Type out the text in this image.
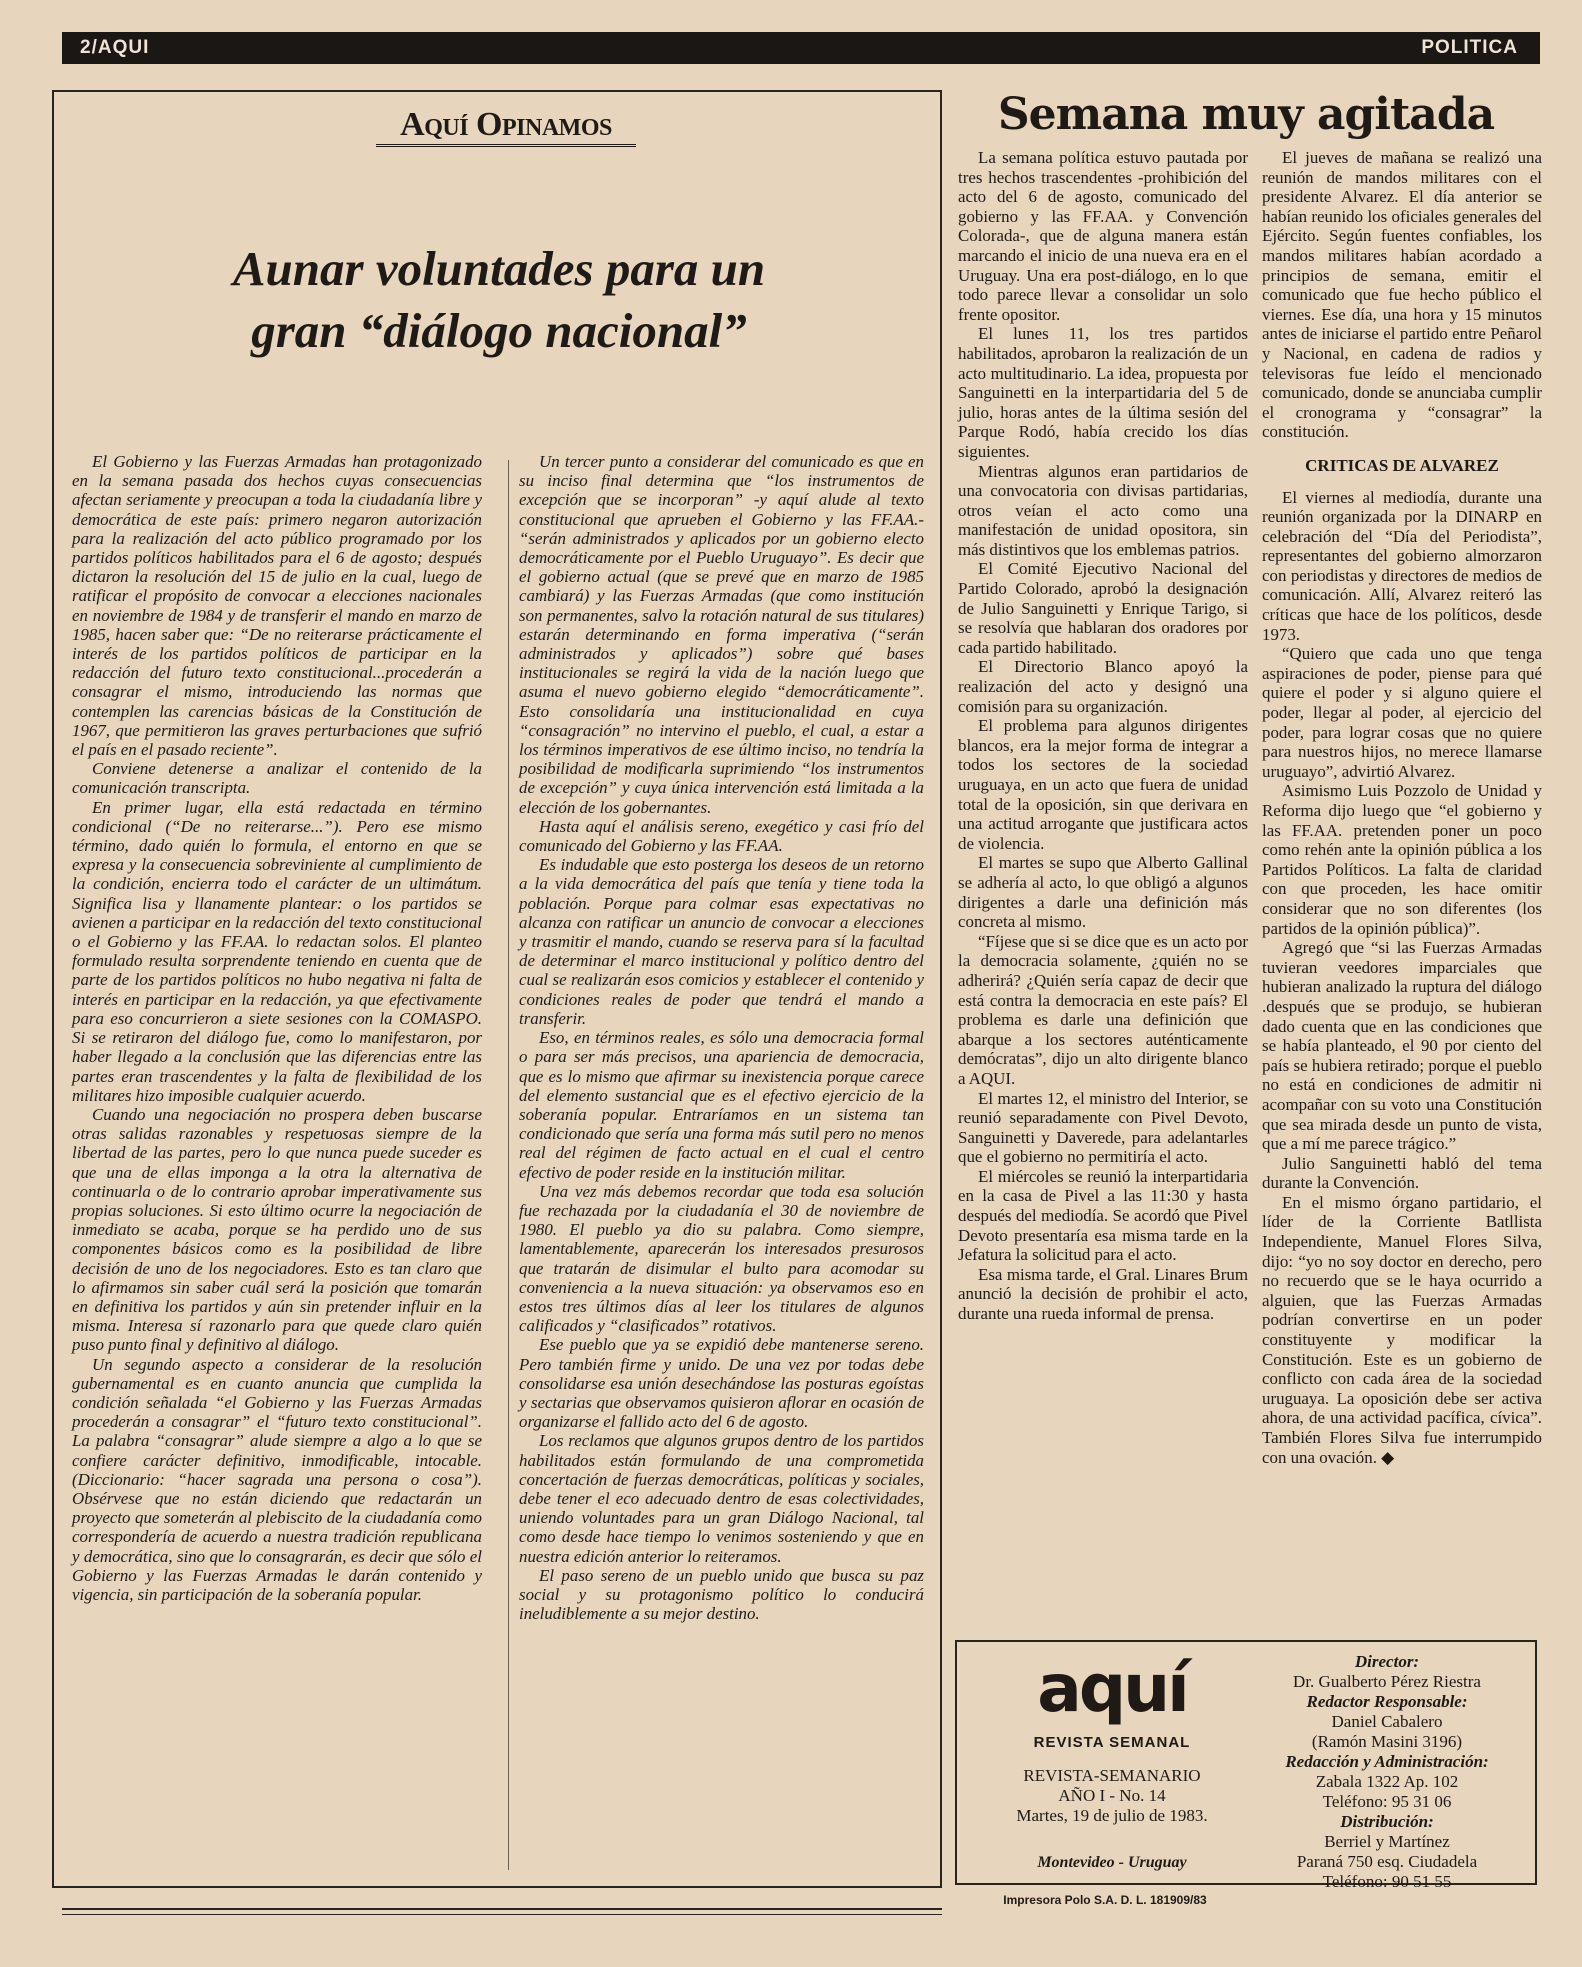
2/AQUI	POLITICA
Aquí Opinamos
Aunar voluntades para un
gran “diálogo nacional”

El Gobierno y las Fuerzas Armadas han protagonizado en la semana pasada dos hechos cuyas consecuencias afectan seriamente y preocupan a toda la ciudadanía libre y democrática de este país: primero negaron autorización para la realización del acto público programado por los partidos políticos habilitados para el 6 de agosto; después dictaron la resolución del 15 de julio en la cual, luego de ratificar el propósito de convocar a elecciones nacionales en noviembre de 1984 y de transferir el mando en marzo de 1985, hacen saber que: “De no reiterarse prácticamente el interés de los partidos políticos de participar en la redacción del futuro texto constitucional...procederán a consagrar el mismo, introduciendo las normas que contemplen las carencias básicas de la Constitución de 1967, que permitieron las graves perturbaciones que sufrió el país en el pasado reciente”.

Conviene detenerse a analizar el contenido de la comunicación transcripta.

En primer lugar, ella está redactada en término condicional (“De no reiterarse...”). Pero ese mismo término, dado quién lo formula, el entorno en que se expresa y la consecuencia sobreviniente al cumplimiento de la condición, encierra todo el carácter de un ultimátum. Significa lisa y llanamente plantear: o los partidos se avienen a participar en la redacción del texto constitucional o el Gobierno y las FF.AA. lo redactan solos. El planteo formulado resulta sorprendente teniendo en cuenta que de parte de los partidos políticos no hubo negativa ni falta de interés en participar en la redacción, ya que efectivamente para eso concurrieron a siete sesiones con la COMASPO. Si se retiraron del diálogo fue, como lo manifestaron, por haber llegado a la conclusión que las diferencias entre las partes eran trascendentes y la falta de flexibilidad de los militares hizo imposible cualquier acuerdo.

Cuando una negociación no prospera deben buscarse otras salidas razonables y respetuosas siempre de la libertad de las partes, pero lo que nunca puede suceder es que una de ellas imponga a la otra la alternativa de continuarla o de lo contrario aprobar imperativamente sus propias soluciones. Si esto último ocurre la negociación de inmediato se acaba, porque se ha perdido uno de sus componentes básicos como es la posibilidad de libre decisión de uno de los negociadores. Esto es tan claro que lo afirmamos sin saber cuál será la posición que tomarán en definitiva los partidos y aún sin pretender influir en la misma. Interesa sí razonarlo para que quede claro quién puso punto final y definitivo al diálogo.

Un segundo aspecto a considerar de la resolución gubernamental es en cuanto anuncia que cumplida la condición señalada “el Gobierno y las Fuerzas Armadas procederán a consagrar” el “futuro texto constitucional”. La palabra “consagrar” alude siempre a algo a lo que se confiere carácter definitivo, inmodificable, intocable. (Diccionario: “hacer sagrada una persona o cosa”). Obsérvese que no están diciendo que redactarán un proyecto que someterán al plebiscito de la ciudadanía como correspondería de acuerdo a nuestra tradición republicana y democrática, sino que lo consagrarán, es decir que sólo el Gobierno y las Fuerzas Armadas le darán contenido y vigencia, sin participación de la soberanía popular.

Un tercer punto a considerar del comunicado es que en su inciso final determina que “los instrumentos de excepción que se incorporan” -y aquí alude al texto constitucional que aprueben el Gobierno y las FF.AA.- “serán administrados y aplicados por un gobierno electo democráticamente por el Pueblo Uruguayo”. Es decir que el gobierno actual (que se prevé que en marzo de 1985 cambiará) y las Fuerzas Armadas (que como institución son permanentes, salvo la rotación natural de sus titulares) estarán determinando en forma imperativa (“serán administrados y aplicados”) sobre qué bases institucionales se regirá la vida de la nación luego que asuma el nuevo gobierno elegido “democráticamente”. Esto consolidaría una institucionalidad en cuya “consagración” no intervino el pueblo, el cual, a estar a los términos imperativos de ese último inciso, no tendría la posibilidad de modificarla suprimiendo “los instrumentos de excepción” y cuya única intervención está limitada a la elección de los gobernantes.

Hasta aquí el análisis sereno, exegético y casi frío del comunicado del Gobierno y las FF.AA.

Es indudable que esto posterga los deseos de un retorno a la vida democrática del país que tenía y tiene toda la población. Porque para colmar esas expectativas no alcanza con ratificar un anuncio de convocar a elecciones y trasmitir el mando, cuando se reserva para sí la facultad de determinar el marco institucional y político dentro del cual se realizarán esos comicios y establecer el contenido y condiciones reales de poder que tendrá el mando a transferir.

Eso, en términos reales, es sólo una democracia formal o para ser más precisos, una apariencia de democracia, que es lo mismo que afirmar su inexistencia porque carece del elemento sustancial que es el efectivo ejercicio de la soberanía popular. Entraríamos en un sistema tan condicionado que sería una forma más sutil pero no menos real del régimen de facto actual en el cual el centro efectivo de poder reside en la institución militar.

Una vez más debemos recordar que toda esa solución fue rechazada por la ciudadanía el 30 de noviembre de 1980. El pueblo ya dio su palabra. Como siempre, lamentablemente, aparecerán los interesados presurosos que tratarán de disimular el bulto para acomodar su conveniencia a la nueva situación: ya observamos eso en estos tres últimos días al leer los titulares de algunos calificados y “clasificados” rotativos.

Ese pueblo que ya se expidió debe mantenerse sereno. Pero también firme y unido. De una vez por todas debe consolidarse esa unión desechándose las posturas egoístas y sectarias que observamos quisieron aflorar en ocasión de organizarse el fallido acto del 6 de agosto.

Los reclamos que algunos grupos dentro de los partidos habilitados están formulando de una comprometida concertación de fuerzas democráticas, políticas y sociales, debe tener el eco adecuado dentro de esas colectividades, uniendo voluntades para un gran Diálogo Nacional, tal como desde hace tiempo lo venimos sosteniendo y que en nuestra edición anterior lo reiteramos.

El paso sereno de un pueblo unido que busca su paz social y su protagonismo político lo conducirá ineludiblemente a su mejor destino.

Semana muy agitada

La semana política estuvo pautada por tres hechos trascendentes -prohibición del acto del 6 de agosto, comunicado del gobierno y las FF.AA. y Convención Colorada-, que de alguna manera están marcando el inicio de una nueva era en el Uruguay. Una era post-diálogo, en lo que todo parece llevar a consolidar un solo frente opositor.

El lunes 11, los tres partidos habilitados, aprobaron la realización de un acto multitudinario. La idea, propuesta por Sanguinetti en la interpartidaria del 5 de julio, horas antes de la última sesión del Parque Rodó, había crecido los días siguientes.

Mientras algunos eran partidarios de una convocatoria con divisas partidarias, otros veían el acto como una manifestación de unidad opositora, sin más distintivos que los emblemas patrios.

El Comité Ejecutivo Nacional del Partido Colorado, aprobó la designación de Julio Sanguinetti y Enrique Tarigo, si se resolvía que hablaran dos oradores por cada partido habilitado.

El Directorio Blanco apoyó la realización del acto y designó una comisión para su organización.

El problema para algunos dirigentes blancos, era la mejor forma de integrar a todos los sectores de la sociedad uruguaya, en un acto que fuera de unidad total de la oposición, sin que derivara en una actitud arrogante que justificara actos de violencia.

El martes se supo que Alberto Gallinal se adhería al acto, lo que obligó a algunos dirigentes a darle una definición más concreta al mismo.

“Fíjese que si se dice que es un acto por la democracia solamente, ¿quién no se adherirá? ¿Quién sería capaz de decir que está contra la democracia en este país? El problema es darle una definición que abarque a los sectores auténticamente demócratas”, dijo un alto dirigente blanco a AQUI.

El martes 12, el ministro del Interior, se reunió separadamente con Pivel Devoto, Sanguinetti y Daverede, para adelantarles que el gobierno no permitiría el acto.

El miércoles se reunió la interpartidaria en la casa de Pivel a las 11:30 y hasta después del mediodía. Se acordó que Pivel Devoto presentaría esa misma tarde en la Jefatura la solicitud para el acto.

Esa misma tarde, el Gral. Linares Brum anunció la decisión de prohibir el acto, durante una rueda informal de prensa.

El jueves de mañana se realizó una reunión de mandos militares con el presidente Alvarez. El día anterior se habían reunido los oficiales generales del Ejército. Según fuentes confiables, los mandos militares habían acordado a principios de semana, emitir el comunicado que fue hecho público el viernes. Ese día, una hora y 15 minutos antes de iniciarse el partido entre Peñarol y Nacional, en cadena de radios y televisoras fue leído el mencionado comunicado, donde se anunciaba cumplir el cronograma y “consagrar” la constitución.

CRITICAS DE ALVAREZ

El viernes al mediodía, durante una reunión organizada por la DINARP en celebración del “Día del Periodista”, representantes del gobierno almorzaron con periodistas y directores de medios de comunicación. Allí, Alvarez reiteró las críticas que hace de los políticos, desde 1973.

“Quiero que cada uno que tenga aspiraciones de poder, piense para qué quiere el poder y si alguno quiere el poder, llegar al poder, al ejercicio del poder, para lograr cosas que no quiere para nuestros hijos, no merece llamarse uruguayo”, advirtió Alvarez.

Asimismo Luis Pozzolo de Unidad y Reforma dijo luego que “el gobierno y las FF.AA. pretenden poner un poco como rehén ante la opinión pública a los Partidos Políticos. La falta de claridad con que proceden, les hace omitir considerar que no son diferentes (los partidos de la opinión pública)”.

Agregó que “si las Fuerzas Armadas tuvieran veedores imparciales que hubieran analizado la ruptura del diálogo .después que se produjo, se hubieran dado cuenta que en las condiciones que se había planteado, el 90 por ciento del país se hubiera retirado; porque el pueblo no está en condiciones de admitir ni acompañar con su voto una Constitución que sea mirada desde un punto de vista, que a mí me parece trágico.”

Julio Sanguinetti habló del tema durante la Convención.

En el mismo órgano partidario, el líder de la Corriente Batllista Independiente, Manuel Flores Silva, dijo: “yo no soy doctor en derecho, pero no recuerdo que se le haya ocurrido a alguien, que las Fuerzas Armadas podrían convertirse en un poder constituyente y modificar la Constitución. Este es un gobierno de conflicto con cada área de la sociedad uruguaya. La oposición debe ser activa ahora, de una actividad pacífica, cívica”. También Flores Silva fue interrumpido con una ovación. ◆

aquí
REVISTA SEMANAL
REVISTA-SEMANARIO
AÑO I - No. 14
Martes, 19 de julio de 1983.
Montevideo - Uruguay
Director:
Dr. Gualberto Pérez Riestra
Redactor Responsable:
Daniel Cabalero
(Ramón Masini 3196)
Redacción y Administración:
Zabala 1322 Ap. 102
Teléfono: 95 31 06
Distribución:
Berriel y Martínez
Paraná 750 esq. Ciudadela
Teléfono: 90 51 55
Impresora Polo S.A. D. L. 181909/83
